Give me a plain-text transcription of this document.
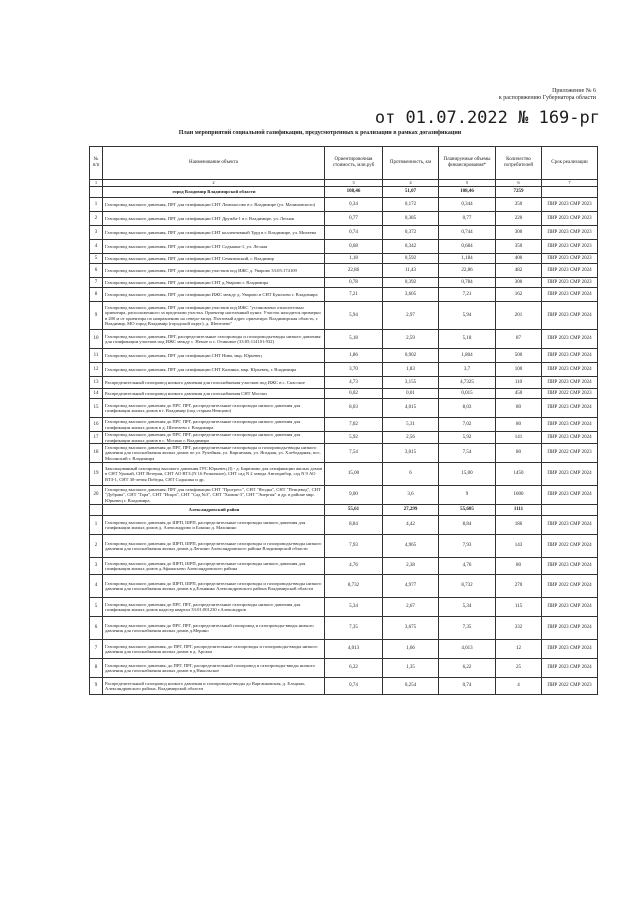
Приложение № 6
к распоряжению Губернатора области
от 01.07.2022 № 169-рг
План мероприятий социальной газификации, предусмотренных к реализации в рамках догазификации
№ п/п	Наименование объекта	Ориентировочная стоимость, млн.руб	Протяженность, км	Планируемые объемы финансирования*	Количество потребителей	Срок реализации
1	2	3	4	5	6	7
	город Владимир Владимирской области	108,46	51,07	108,46	7259	
1	Газопровод высокого давления, ПРГ для газификации СНТ Ломоносово в г. Владимире (ул. Малиновского)	0,34	0,172	0,344	350	ПИР 2023 СМР 2023
2	Газопровод высокого давления, ПРГ для газификации СНТ Дружба-1 в г. Владимире, ул. Лесная	0,77	0,385	0,77	220	ПИР 2023 СМР 2023
3	Газопровод высокого давления, ПРГ для газификации СНТ коллективный Труд в г. Владимире, ул. Михеева	0,74	0,372	0,744	300	ПИР 2023 СМР 2023
4	Газопровод высокого давления, ПРГ для газификации СНТ Содышка-1, ул. Лесная	0,68	0,342	0,684	350	ПИР 2023 СМР 2023
5	Газопровод высокого давления, ПРГ для газификации СНТ Семязинский, г. Владимир	1,18	0,592	1,184	400	ПИР 2023 СМР 2023
6	Газопровод высокого давления, ПРГ для газификации участков под ИЖС д. Уварово 33:05:174109	22,86	11,43	22,86	482	ПИР 2023 СМР 2024
7	Газопровод высокого давления, ПРГ для газификации СНТ д.Уварово г. Владимира	0,78	0,392	0,784	300	ПИР 2023 СМР 2023
8	Газопровод высокого давления, ПРГ для газификации ИЖС между д. Уварово и СНТ Буколово г. Владимира	7,21	3,605	7,21	162	ПИР 2023 СМР 2024
9	Газопровод высокого давления, ПРГ для газификации участков под ИЖС "установлено относительно ориентира, расположенного за пределами участка. Ориентир населенный пункт. Участок находится примерно в 200 м от ориентира по направлению на северо-запад. Почтовый адрес ориентира: Владимирская область, г. Владимир, МО город Владимир (городской округ), д. Шепелево"	5,94	2,97	5,94	201	ПИР 2023 СМР 2024
10	Газопровод высокого давления, ПРГ, распределительные газопроводы и газопроводы-вводы низкого давления для газификации участков под ИЖС между с. Немое и с. Осиновое (33:05:114101:932)	5,18	2,59	5,18	87	ПИР 2023 СМР 2024
11	Газопровод высокого давления, ПРГ для газификации СНТ Нива, мкр. Юрьевец	1,86	0,902	1,804	500	ПИР 2023 СМР 2024
12	Газопровод высокого давления, ПРГ для газификации СНТ Калинка, мкр. Юрьевец, г. Владимира	3,70	1,83	3,7	100	ПИР 2023 СМР 2024
13	Распределительный газопровод низкого давления для газоснабжения участков под ИЖС в с. Спасское	4,73	3,155	4,7325	110	ПИР 2023 СМР 2024
14	Распределительный газопровод низкого давления для газоснабжения СНТ Мостки	0,02	0,01	0,015	450	ПИР 2022 СМР 2023
15	Газопровод высокого давления до ПРГ, ПРГ, распределительные газопроводы низкого давления для газификации жилых домов в г. Владимир (под старым Немцово)	8,03	4,015	8,03	80	ПИР 2023 СМР 2024
16	Газопровод высокого давления до ПРГ, ПРГ, распределительные газопроводы низкого давления для газификации жилых домов в д. Шепелево г. Владимира	7,02	5,31	7,02	80	ПИР 2023 СМР 2024
17	Газопровод высокого давления до ПРГ, ПРГ, распределительные газопроводы низкого давления для газификации жилых домов в с. Мосино г. Владимира	5,92	2,56	5,92	141	ПИР 2023 СМР 2024
18	Газопровод высокого давления до ПРГ, ПРГ, распределительные газопроводы и газопроводы-вводы низкого давления для газоснабжения жилых домов по ул. Ручейная, ул. Кирпичная, ул. Ягодная, ул. Хлебодарная, пос. Мосинский г. Владимира	7,54	3,015	7,54	80	ПИР 2022 СМР 2023
19	Закольцованный газопровод высокого давления ГРС Юрьевец (I) - д. Бирюково для газификации жилых домов в СНТ Урожай, СНТ Ветеран, СНТ АО ВТЗ (N 16 Розничное), СНТ сад N 2 завода Автоприбор, сад N 9 АО ВТЗ-1, СНТ 30-летия Победы, СНТ Содышка и др.	15,00	6	15,00	1450	ПИР 2023 СМР 2024
20	Газопровод высокого давления, ПРГ для газификации СНТ "Прогресс", СНТ "Ягодка", СНТ "Птицевод", СНТ "Дубрава", СНТ "Гора", СНТ "Искра", СНТ "Сад №3", СНТ "Химик-3", СНТ "Энергия" и др. в районе мкр. Юрьевец г. Владимира	9,00	3,6	9	1000	ПИР 2023 СМР 2024
	Александровский район	55,61	27,299	55,605	1111	
1	Газопровод высокого давления до ШРП, ШРП, распределительные газопроводы низкого давления для газификации жилых домов д. Александрово и Бокино д. Махонино	8,84	4,42	8,84	186	ПИР 2023 СМР 2024
2	Газопровод высокого давления до ШРП, ШРП, распределительные газопроводы и газопроводы-вводы низкого давления для газоснабжения жилых домов д.Легкино Александровского района Владимирской области	7,93	4,965	7,93	143	ПИР 2022 СМР 2024
3	Газопровод высокого давления до ШРП, ШРП, распределительные газопроводы низкого давления для газификации жилых домов д.Афанасьево Александровского района	4,76	2,38	4,76	80	ПИР 2023 СМР 2024
4	Газопровод высокого давления до ШРП, ШРП, распределительные газопроводы и газопроводы-вводы низкого давления для газоснабжения жилых домов в д.Ельнянко Александровского района Владимирской области	8,732	4,977	8,732	270	ПИР 2022 СМР 2024
5	Газопровод высокого давления до ПРГ, ПРГ, распределительные газопроводы низкого давления для газификации жилых домов кадастр квартал 33:01:001230 г.Александров	5,34	2,67	5,34	115	ПИР 2023 СМР 2024
6	Газопровод высокого давления до ПРГ, ПРГ, распределительный газопровод и газопроводы-вводы низкого давления для газоснабжения жилых домов д.Мерино	7,35	3,675	7,35	332	ПИР 2023 СМР 2024
7	Газопровод высокого давления, до ПРГ, ПРГ, распределительные газопроводы и газопроводы-вводы низкого давления для газоснабжения жилых домов в д. Арсаки	4,013	1,66	4,013	12	ПИР 2023 СМР 2024
8	Газопровод высокого давления, до ПРГ, ПРГ, распределительный газопровод и газопроводы-вводы низкого давления для газоснабжения жилых домов в д.Никольское	6,22	1,35	6,22	25	ПИР 2023 СМР 2024
9	Распределительный газопровод низкого давления и газопроводы-вводы до Варганковская, д. Ельцино, Александровского района, Владимирской области	0,74	0,254	0,74	4	ПИР 2022 СМР 2023
